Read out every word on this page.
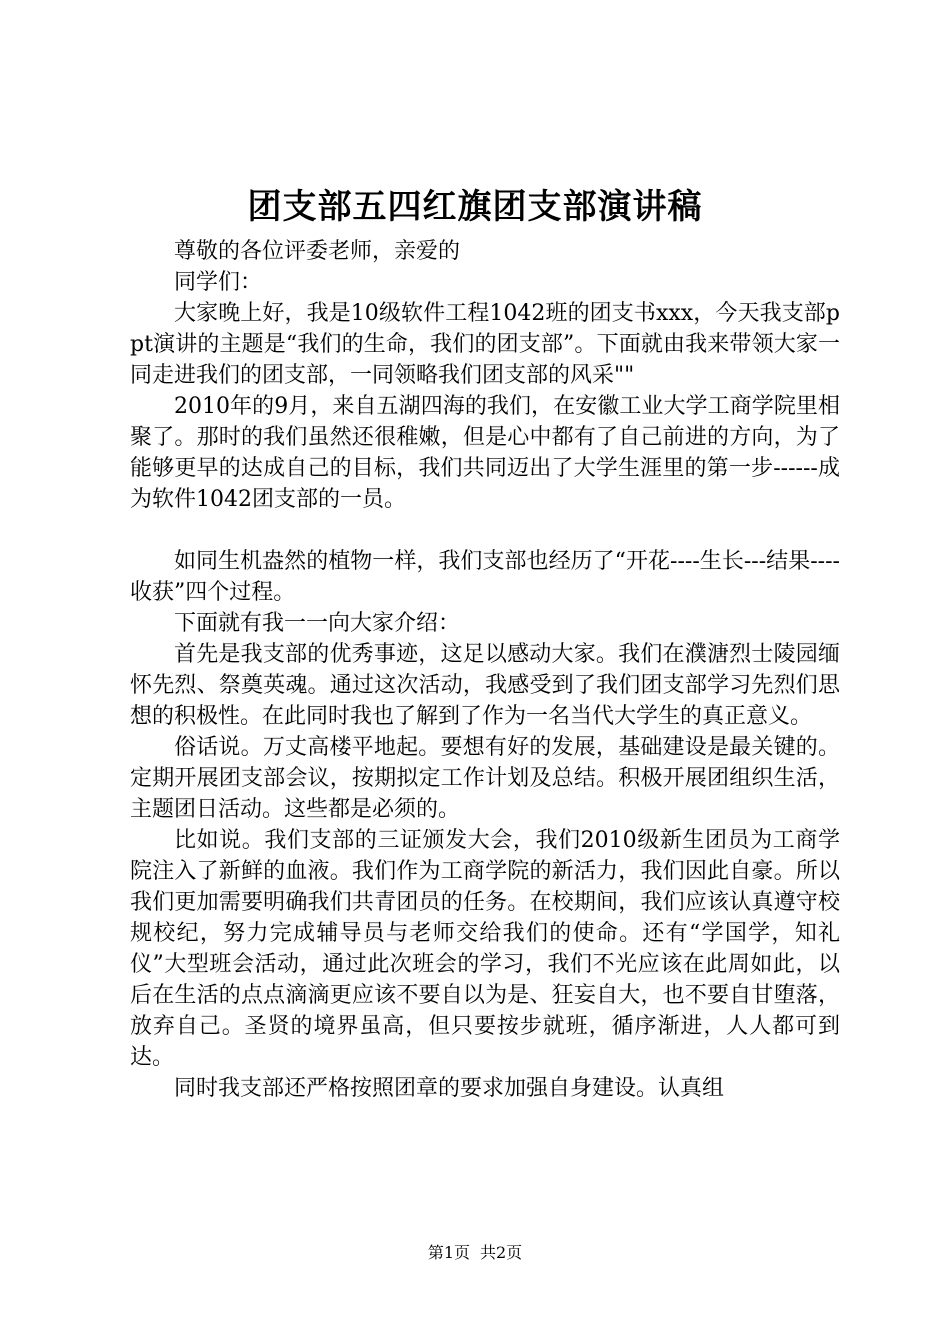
团支部五四红旗团支部演讲稿

尊敬的各位评委老师，亲爱的

同学们：

大家晚上好，我是10级软件工程1042班的团支书xxx，今天我支部ppt演讲的主题是“我们的生命，我们的团支部”。下面就由我来带领大家一同走进我们的团支部，一同领略我们团支部的风采""

2010年的9月，来自五湖四海的我们，在安徽工业大学工商学院里相聚了。那时的我们虽然还很稚嫩，但是心中都有了自己前进的方向，为了能够更早的达成自己的目标，我们共同迈出了大学生涯里的第一步------成为软件1042团支部的一员。

如同生机盎然的植物一样，我们支部也经历了“开花----生长---结果----收获”四个过程。

下面就有我一一向大家介绍：

首先是我支部的优秀事迹，这足以感动大家。我们在濮溏烈士陵园缅怀先烈、祭奠英魂。通过这次活动，我感受到了我们团支部学习先烈们思想的积极性。在此同时我也了解到了作为一名当代大学生的真正意义。

俗话说。万丈高楼平地起。要想有好的发展，基础建设是最关键的。定期开展团支部会议，按期拟定工作计划及总结。积极开展团组织生活，主题团日活动。这些都是必须的。

比如说。我们支部的三证颁发大会，我们2010级新生团员为工商学院注入了新鲜的血液。我们作为工商学院的新活力，我们因此自豪。所以我们更加需要明确我们共青团员的任务。在校期间，我们应该认真遵守校规校纪，努力完成辅导员与老师交给我们的使命。还有“学国学，知礼仪”大型班会活动，通过此次班会的学习，我们不光应该在此周如此，以后在生活的点点滴滴更应该不要自以为是、狂妄自大，也不要自甘堕落，放弃自己。圣贤的境界虽高，但只要按步就班，循序渐进，人人都可到达。

同时我支部还严格按照团章的要求加强自身建设。认真组

第1页 共2页
